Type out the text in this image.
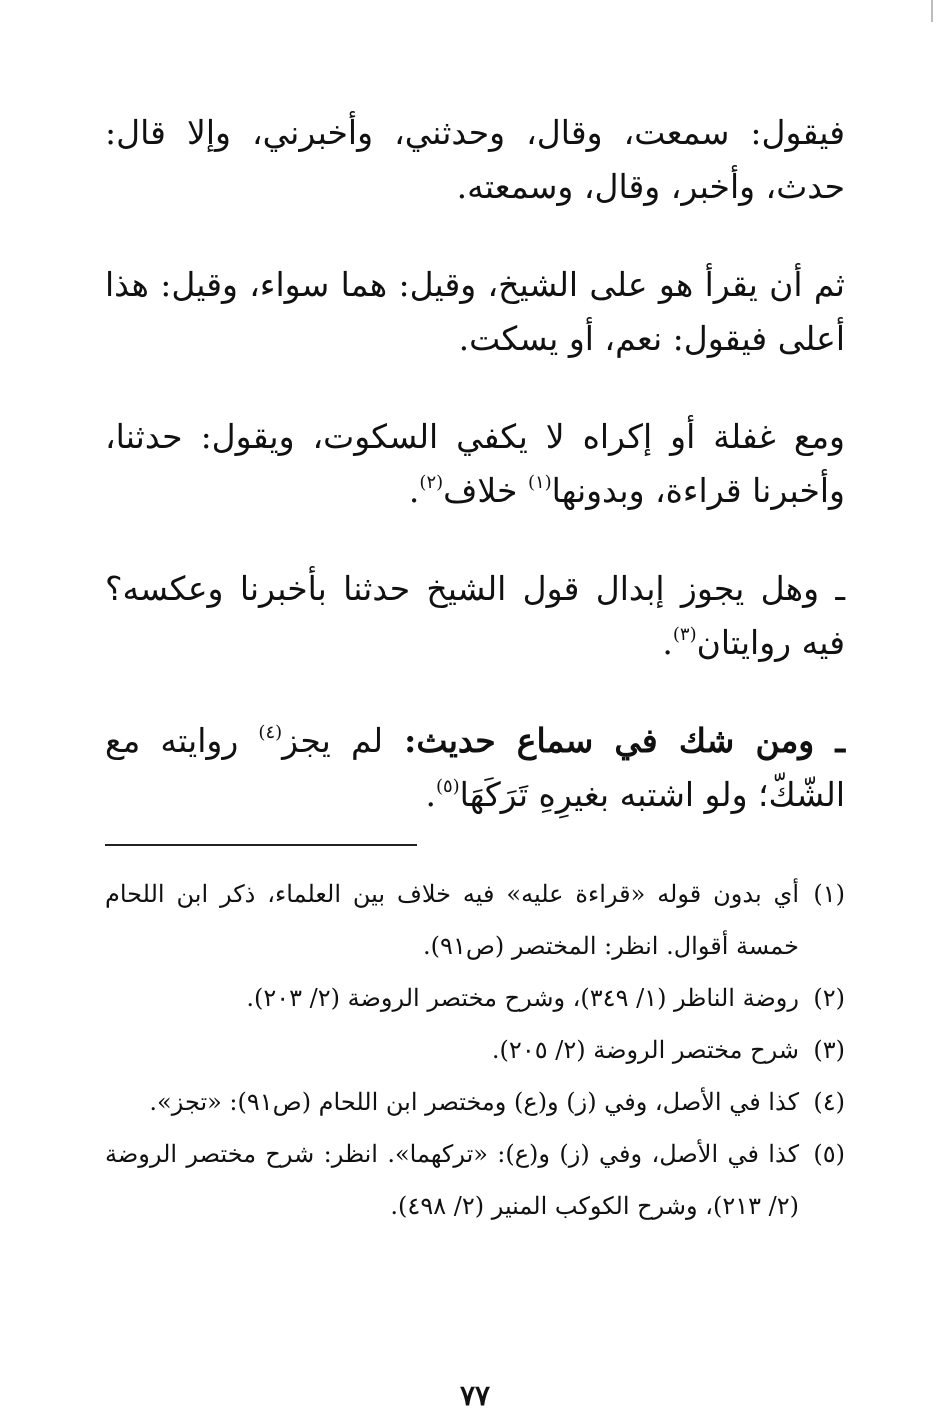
فيقول: سمعت، وقال، وحدثني، وأخبرني، وإلا قال: حدث، وأخبر، وقال، وسمعته.

ثم أن يقرأ هو على الشيخ، وقيل: هما سواء، وقيل: هذا أعلى فيقول: نعم، أو يسكت.

ومع غفلة أو إكراه لا يكفي السكوت، ويقول: حدثنا، وأخبرنا قراءة، وبدونها$^{(١)}$ خلاف$^{(٢)}$.

ـ وهل يجوز إبدال قول الشيخ حدثنا بأخبرنا وعكسه؟ فيه روايتان$^{(٣)}$.

ـ ومن شك في سماع حديث: لم يجز$^{(٤)}$ روايته مع الشّكّ؛ ولو اشتبه بغيرِهِ تَرَكَهَا$^{(٥)}$.

(١)
أي بدون قوله «قراءة عليه» فيه خلاف بين العلماء، ذكر ابن اللحام خمسة أقوال. انظر: المختصر (ص٩١).
(٢)
روضة الناظر (١/ ٣٤٩)، وشرح مختصر الروضة (٢/ ٢٠٣).
(٣)
شرح مختصر الروضة (٢/ ٢٠٥).
(٤)
كذا في الأصل، وفي (ز) و(ع) ومختصر ابن اللحام (ص٩١): «تجز».
(٥)
كذا في الأصل، وفي (ز) و(ع): «تركهما». انظر: شرح مختصر الروضة (٢/ ٢١٣)، وشرح الكوكب المنير (٢/ ٤٩٨).
٧٧
